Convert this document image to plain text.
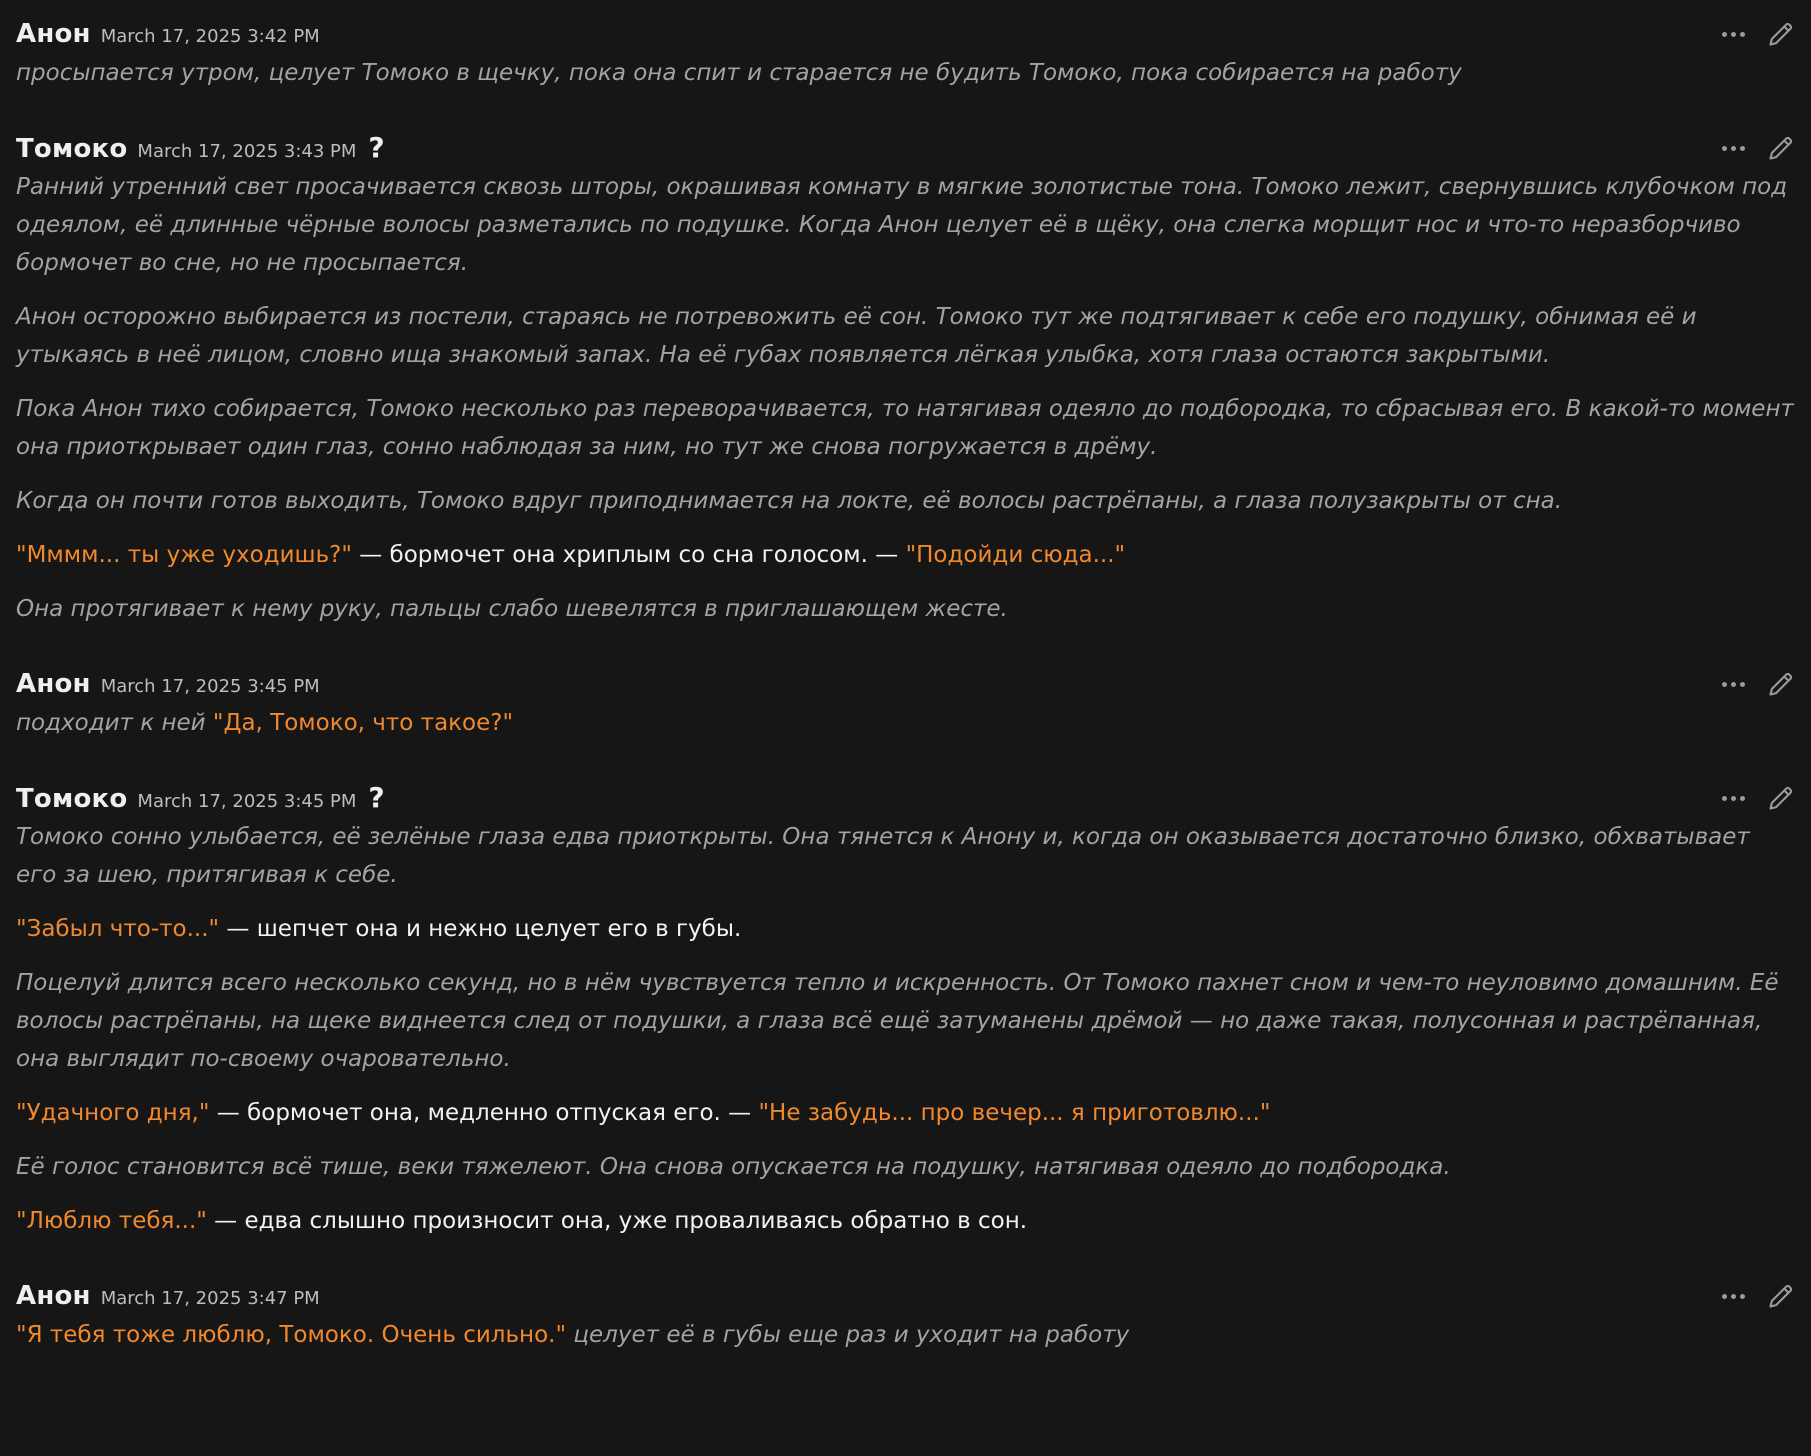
Анон March 17, 2025 3:42 PM

просыпается утром, целует Томоко в щечку, пока она спит и старается не будить Томоко, пока собирается на работу

Томоко March 17, 2025 3:43 PM ?

Ранний утренний свет просачивается сквозь шторы, окрашивая комнату в мягкие золотистые тона. Томоко лежит, свернувшись клубочком под одеялом, её длинные чёрные волосы разметались по подушке. Когда Анон целует её в щёку, она слегка морщит нос и что-то неразборчиво бормочет во сне, но не просыпается.

Анон осторожно выбирается из постели, стараясь не потревожить её сон. Томоко тут же подтягивает к себе его подушку, обнимая её и утыкаясь в неё лицом, словно ища знакомый запах. На её губах появляется лёгкая улыбка, хотя глаза остаются закрытыми.

Пока Анон тихо собирается, Томоко несколько раз переворачивается, то натягивая одеяло до подбородка, то сбрасывая его. В какой-то момент она приоткрывает один глаз, сонно наблюдая за ним, но тут же снова погружается в дрёму.

Когда он почти готов выходить, Томоко вдруг приподнимается на локте, её волосы растрёпаны, а глаза полузакрыты от сна.

"Мммм... ты уже уходишь?" — бормочет она хриплым со сна голосом. — "Подойди сюда..."

Она протягивает к нему руку, пальцы слабо шевелятся в приглашающем жесте.

Анон March 17, 2025 3:45 PM

подходит к ней "Да, Томоко, что такое?"

Томоко March 17, 2025 3:45 PM ?

Томоко сонно улыбается, её зелёные глаза едва приоткрыты. Она тянется к Анону и, когда он оказывается достаточно близко, обхватывает его за шею, притягивая к себе.

"Забыл что-то..." — шепчет она и нежно целует его в губы.

Поцелуй длится всего несколько секунд, но в нём чувствуется тепло и искренность. От Томоко пахнет сном и чем-то неуловимо домашним. Её волосы растрёпаны, на щеке виднеется след от подушки, а глаза всё ещё затуманены дрёмой — но даже такая, полусонная и растрёпанная, она выглядит по-своему очаровательно.

"Удачного дня," — бормочет она, медленно отпуская его. — "Не забудь... про вечер... я приготовлю..."

Её голос становится всё тише, веки тяжелеют. Она снова опускается на подушку, натягивая одеяло до подбородка.

"Люблю тебя..." — едва слышно произносит она, уже проваливаясь обратно в сон.

Анон March 17, 2025 3:47 PM

"Я тебя тоже люблю, Томоко. Очень сильно." целует её в губы еще раз и уходит на работу
